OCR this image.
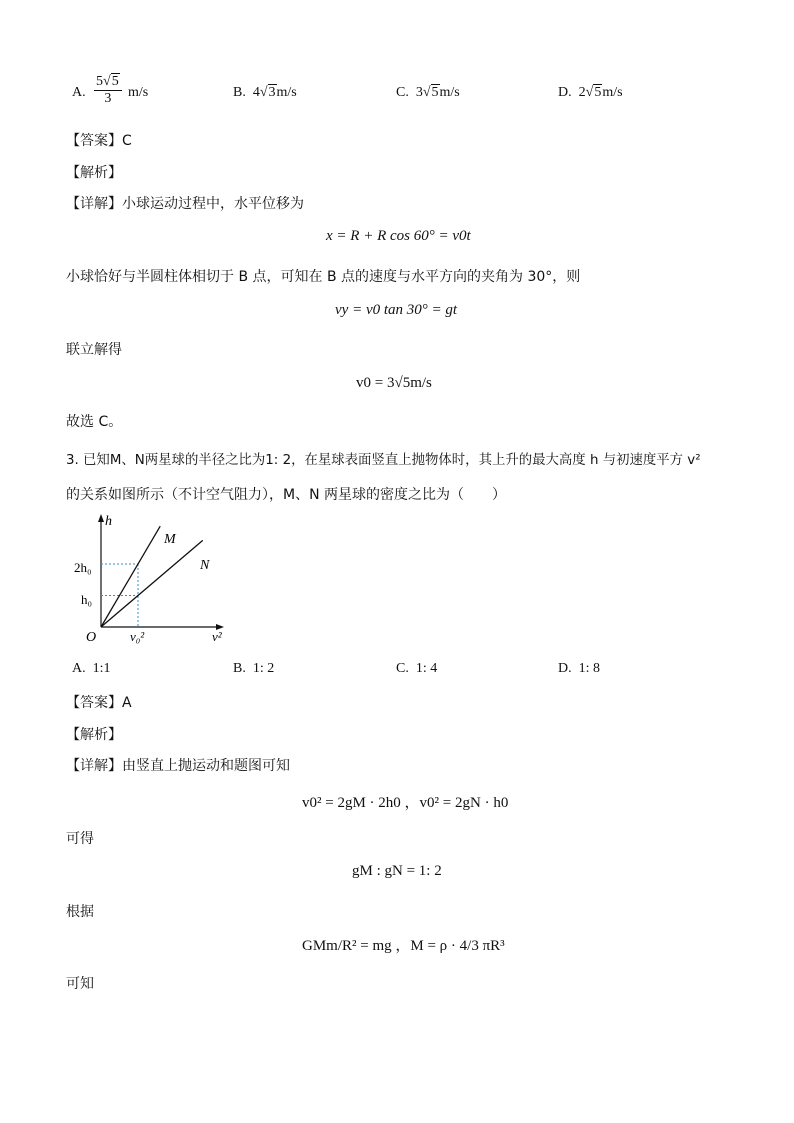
A. $\frac{5√5}{3} m/s$	B. 4√3m/s	C. 3√5m/s	D. 2√5m/s
【答案】C
【解析】
【详解】小球运动过程中，水平位移为
x = R + R cos 60° = v0t
小球恰好与半圆柱体相切于 B 点，可知在 B 点的速度与水平方向的夹角为 30°，则
vy = v0 tan 30° = gt
联立解得
v0 = 3√5m/s
故选 C。
3. 已知M、N两星球的半径之比为1: 2，在星球表面竖直上抛物体时，其上升的最大高度 h 与初速度平方 v²
的关系如图所示（不计空气阻力），M、N 两星球的密度之比为（　　）
h
v²
O
2h₀
h₀
v₀²
M
N
A.  1:1	B.  1: 2	C.  1: 4	D.  1: 8
【答案】A
【解析】
【详解】由竖直上抛运动和题图可知
v0² = 2gM · 2h0 ，v0² = 2gN · h0
可得
gM : gN = 1: 2
根据
GMm/R² = mg ，M = ρ · 4/3 πR³
可知
